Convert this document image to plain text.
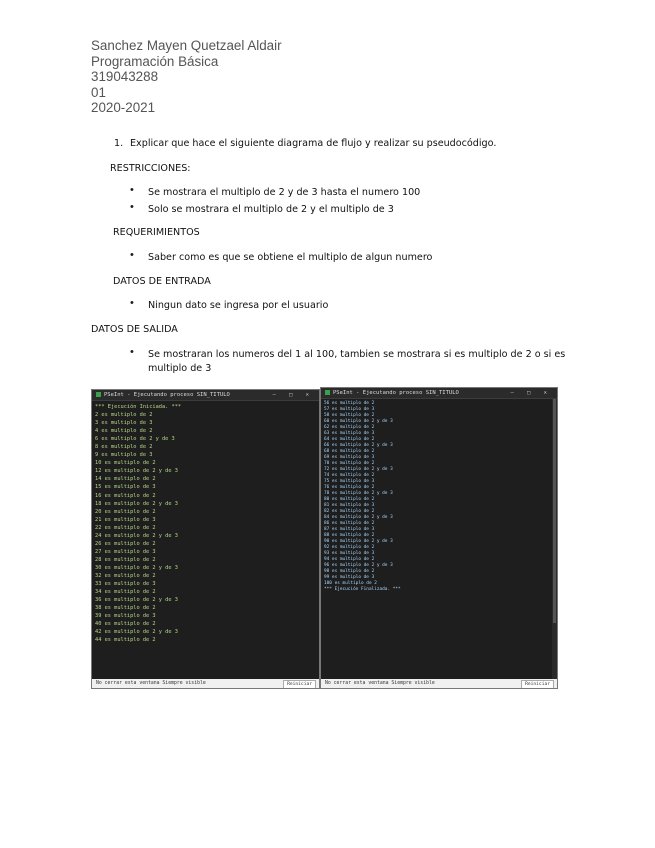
Sanchez Mayen Quetzael Aldair
Programación Básica
319043288
01
2020-2021
1. Explicar que hace el siguiente diagrama de flujo y realizar su pseudocódigo.
RESTRICCIONES:
• Se mostrara el multiplo de 2 y de 3 hasta el numero 100
• Solo se mostrara el multiplo de 2 y el multiplo de 3
REQUERIMIENTOS
• Saber como es que se obtiene el multiplo de algun numero
DATOS DE ENTRADA
• Ningun dato se ingresa por el usuario
DATOS DE SALIDA
• Se mostraran los numeros del 1 al 100, tambien se mostrara si es multiplo de 2 o si es multiplo de 3
PSeInt - Ejecutando proceso SIN_TITULO	— □ ✕
*** Ejecución Iniciada. ***
2 es multiplo de 2
3 es multiplo de 3
4 es multiplo de 2
6 es multiplo de 2 y de 3
8 es multiplo de 2
9 es multiplo de 3
10 es multiplo de 2
12 es multiplo de 2 y de 3
14 es multiplo de 2
15 es multiplo de 3
16 es multiplo de 2
18 es multiplo de 2 y de 3
20 es multiplo de 2
21 es multiplo de 3
22 es multiplo de 2
24 es multiplo de 2 y de 3
26 es multiplo de 2
27 es multiplo de 3
28 es multiplo de 2
30 es multiplo de 2 y de 3
32 es multiplo de 2
33 es multiplo de 3
34 es multiplo de 2
36 es multiplo de 2 y de 3
38 es multiplo de 2
39 es multiplo de 3
40 es multiplo de 2
42 es multiplo de 2 y de 3
44 es multiplo de 2
No cerrar esta ventana Siempre visible	Reiniciar
PSeInt - Ejecutando proceso SIN_TITULO	— □ ✕
56 es multiplo de 2
57 es multiplo de 3
58 es multiplo de 2
60 es multiplo de 2 y de 3
62 es multiplo de 2
63 es multiplo de 3
64 es multiplo de 2
66 es multiplo de 2 y de 3
68 es multiplo de 2
69 es multiplo de 3
70 es multiplo de 2
72 es multiplo de 2 y de 3
74 es multiplo de 2
75 es multiplo de 3
76 es multiplo de 2
78 es multiplo de 2 y de 3
80 es multiplo de 2
81 es multiplo de 3
82 es multiplo de 2
84 es multiplo de 2 y de 3
86 es multiplo de 2
87 es multiplo de 3
88 es multiplo de 2
90 es multiplo de 2 y de 3
92 es multiplo de 2
93 es multiplo de 3
94 es multiplo de 2
96 es multiplo de 2 y de 3
98 es multiplo de 2
99 es multiplo de 3
100 es multiplo de 2
*** Ejecución Finalizada. ***
No cerrar esta ventana Siempre visible	Reiniciar
